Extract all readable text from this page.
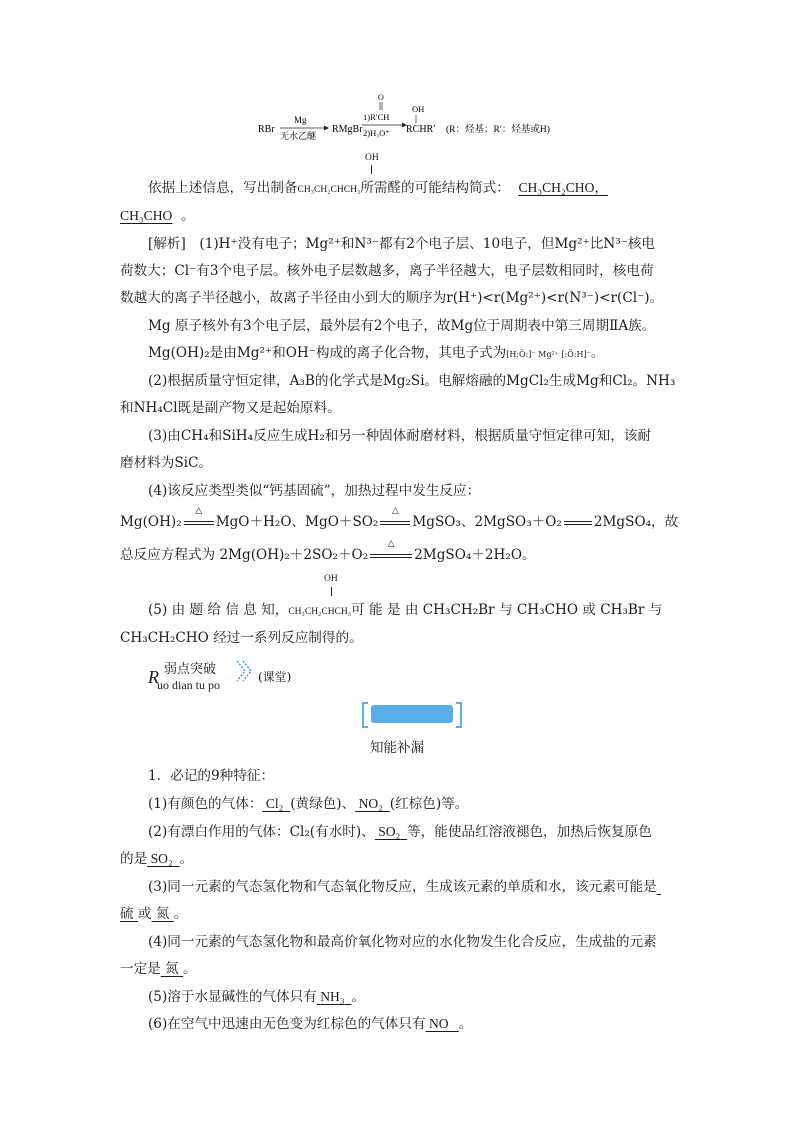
RBr
Mg
无水乙醚
RMgBr
O
1)R′CH
2)H₃O⁺
OH
RCHR′ (R：烃基；R′：烃基或H)
OH
依据上述信息，写出制备CH₃CH₂CHCH₃所需醛的可能结构简式： CH₃CH₂CHO，
CH₃CHO 。
[解析]　(1)H⁺没有电子；Mg²⁺和N³⁻都有2个电子层、10电子，但Mg²⁺比N³⁻核电
荷数大；Cl⁻有3个电子层。核外电子层数越多，离子半径越大，电子层数相同时，核电荷
数越大的离子半径越小，故离子半径由小到大的顺序为r(H⁺)<r(Mg²⁺)<r(N³⁻)<r(Cl⁻)。
Mg 原子核外有3个电子层，最外层有2个电子，故Mg位于周期表中第三周期ⅡA族。
Mg(OH)₂是由Mg²⁺和OH⁻构成的离子化合物，其电子式为[H:Ö:]⁻ Mg²⁺ [:Ö:H]⁻。
(2)根据质量守恒定律，A₃B的化学式是Mg₂Si。电解熔融的MgCl₂生成Mg和Cl₂。NH₃
和NH₄Cl既是副产物又是起始原料。
(3)由CH₄和SiH₄反应生成H₂和另一种固体耐磨材料，根据质量守恒定律可知，该耐
磨材料为SiC。
(4)该反应类型类似“钙基固硫”，加热过程中发生反应：
Mg(OH)₂
△
MgO＋H₂O、MgO＋SO₂
△
MgSO₃、2MgSO₃＋O₂ 2MgSO₄，故
总反应方程式为 2Mg(OH)₂＋2SO₂＋O₂
△
2MgSO₄＋2H₂O。
OH
(5) 由 题 给 信 息 知，CH₃CH₂CHCH₃可 能 是 由 CH₃CH₂Br 与 CH₃CHO 或 CH₃Br 与
CH₃CH₂CHO 经过一系列反应制得的。
R 弱点突破
uo dian tu po
(课堂)
知能补漏
1．必记的9种特征：
(1)有颜色的气体： Cl₂ (黄绿色)、 NO₂ (红棕色)等。
(2)有漂白作用的气体：Cl₂(有水时)、 SO₂ 等，能使品红溶液褪色，加热后恢复原色
的是 SO₂ 。
(3)同一元素的气态氢化物和气态氧化物反应，生成该元素的单质和水，该元素可能是
硫 或 氮 。
(4)同一元素的气态氢化物和最高价氧化物对应的水化物发生化合反应，生成盐的元素
一定是 氮 。
(5)溶于水显碱性的气体只有 NH₃ 。
(6)在空气中迅速由无色变为红棕色的气体只有 NO 。
